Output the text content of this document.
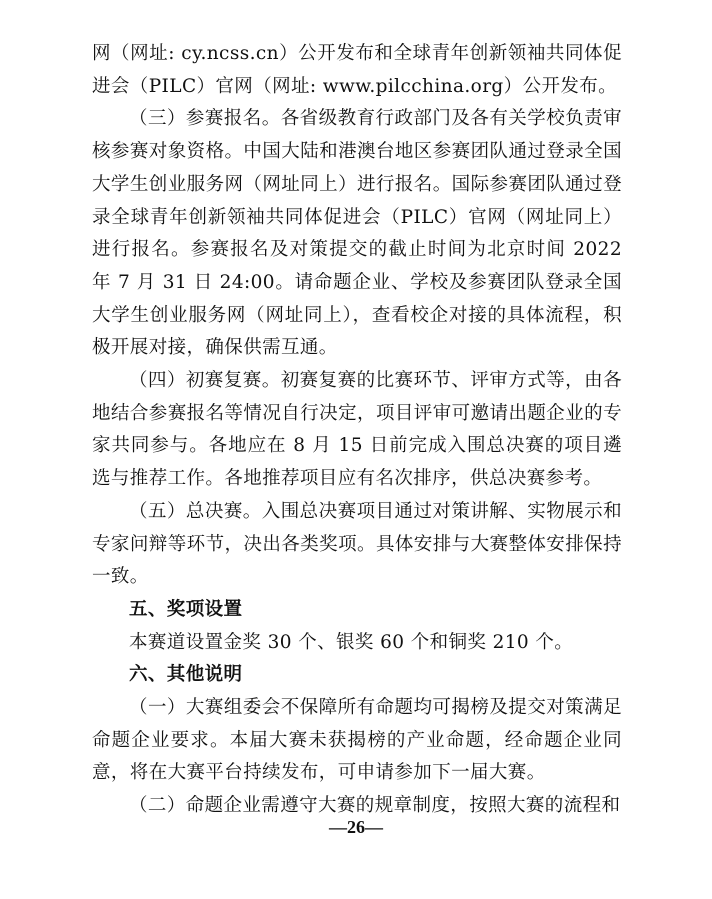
网（网址: cy.ncss.cn）公开发布和全球青年创新领袖共同体促进会（PILC）官网（网址: www.pilcchina.org）公开发布。

（三）参赛报名。各省级教育行政部门及各有关学校负责审核参赛对象资格。中国大陆和港澳台地区参赛团队通过登录全国大学生创业服务网（网址同上）进行报名。国际参赛团队通过登录全球青年创新领袖共同体促进会（PILC）官网（网址同上）进行报名。参赛报名及对策提交的截止时间为北京时间 2022 年 7 月 31 日 24:00。请命题企业、学校及参赛团队登录全国大学生创业服务网（网址同上），查看校企对接的具体流程，积极开展对接，确保供需互通。

（四）初赛复赛。初赛复赛的比赛环节、评审方式等，由各地结合参赛报名等情况自行决定，项目评审可邀请出题企业的专家共同参与。各地应在 8 月 15 日前完成入围总决赛的项目遴选与推荐工作。各地推荐项目应有名次排序，供总决赛参考。

（五）总决赛。入围总决赛项目通过对策讲解、实物展示和专家问辩等环节，决出各类奖项。具体安排与大赛整体安排保持一致。

五、奖项设置

本赛道设置金奖 30 个、银奖 60 个和铜奖 210 个。

六、其他说明

（一）大赛组委会不保障所有命题均可揭榜及提交对策满足命题企业要求。本届大赛未获揭榜的产业命题，经命题企业同意，将在大赛平台持续发布，可申请参加下一届大赛。

（二）命题企业需遵守大赛的规章制度，按照大赛的流程和

—26—
